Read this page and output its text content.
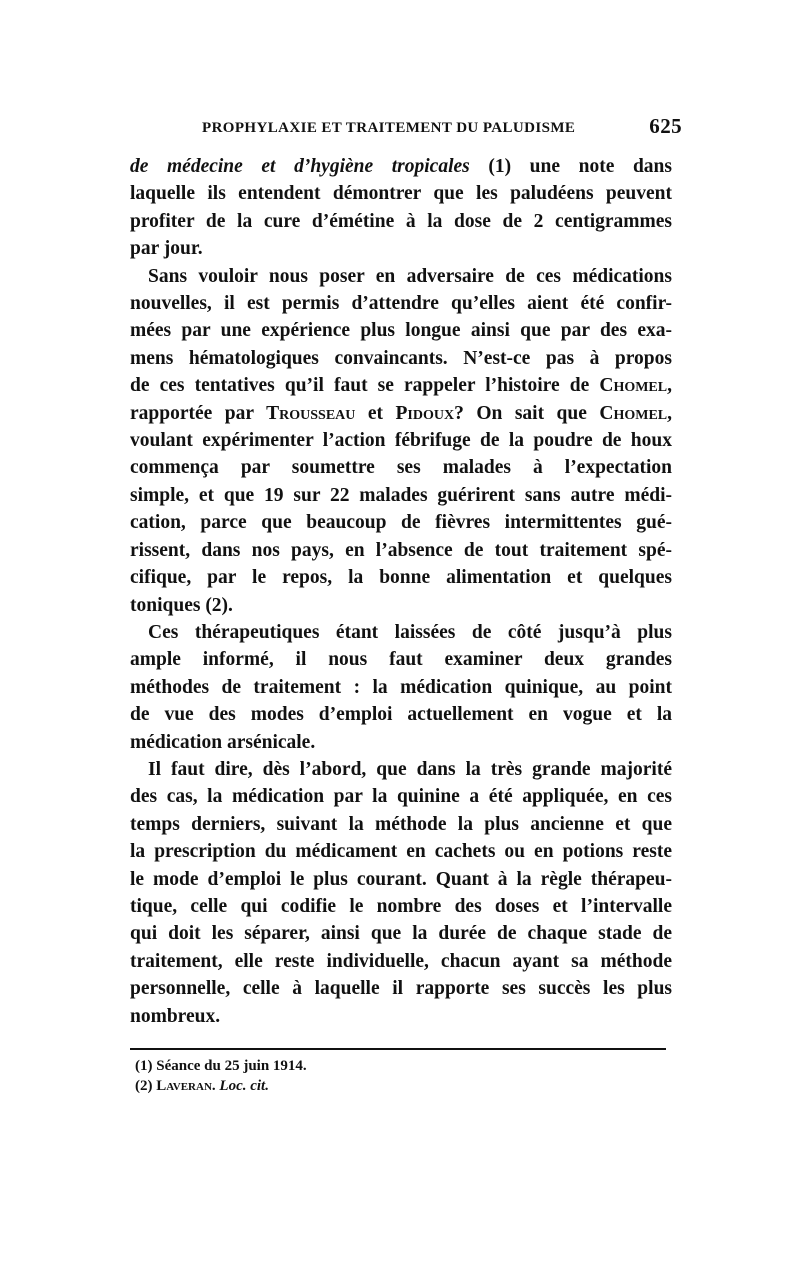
PROPHYLAXIE ET TRAITEMENT DU PALUDISME	625
de médecine et d’hygiène tropicales (1) une note dans
laquelle ils entendent démontrer que les paludéens peuvent
profiter de la cure d’émétine à la dose de 2 centigrammes
par jour.
Sans vouloir nous poser en adversaire de ces médications
nouvelles, il est permis d’attendre qu’elles aient été confir-
mées par une expérience plus longue ainsi que par des exa-
mens hématologiques convaincants. N’est-ce pas à propos
de ces tentatives qu’il faut se rappeler l’histoire de Chomel,
rapportée par Trousseau et Pidoux? On sait que Chomel,
voulant expérimenter l’action fébrifuge de la poudre de houx
commença par soumettre ses malades à l’expectation
simple, et que 19 sur 22 malades guérirent sans autre médi-
cation, parce que beaucoup de fièvres intermittentes gué-
rissent, dans nos pays, en l’absence de tout traitement spé-
cifique, par le repos, la bonne alimentation et quelques
toniques (2).
Ces thérapeutiques étant laissées de côté jusqu’à plus
ample informé, il nous faut examiner deux grandes
méthodes de traitement : la médication quinique, au point
de vue des modes d’emploi actuellement en vogue et la
médication arsénicale.
Il faut dire, dès l’abord, que dans la très grande majorité
des cas, la médication par la quinine a été appliquée, en ces
temps derniers, suivant la méthode la plus ancienne et que
la prescription du médicament en cachets ou en potions reste
le mode d’emploi le plus courant. Quant à la règle thérapeu-
tique, celle qui codifie le nombre des doses et l’intervalle
qui doit les séparer, ainsi que la durée de chaque stade de
traitement, elle reste individuelle, chacun ayant sa méthode
personnelle, celle à laquelle il rapporte ses succès les plus
nombreux.
(1) Séance du 25 juin 1914.
(2) Laveran. Loc. cit.
